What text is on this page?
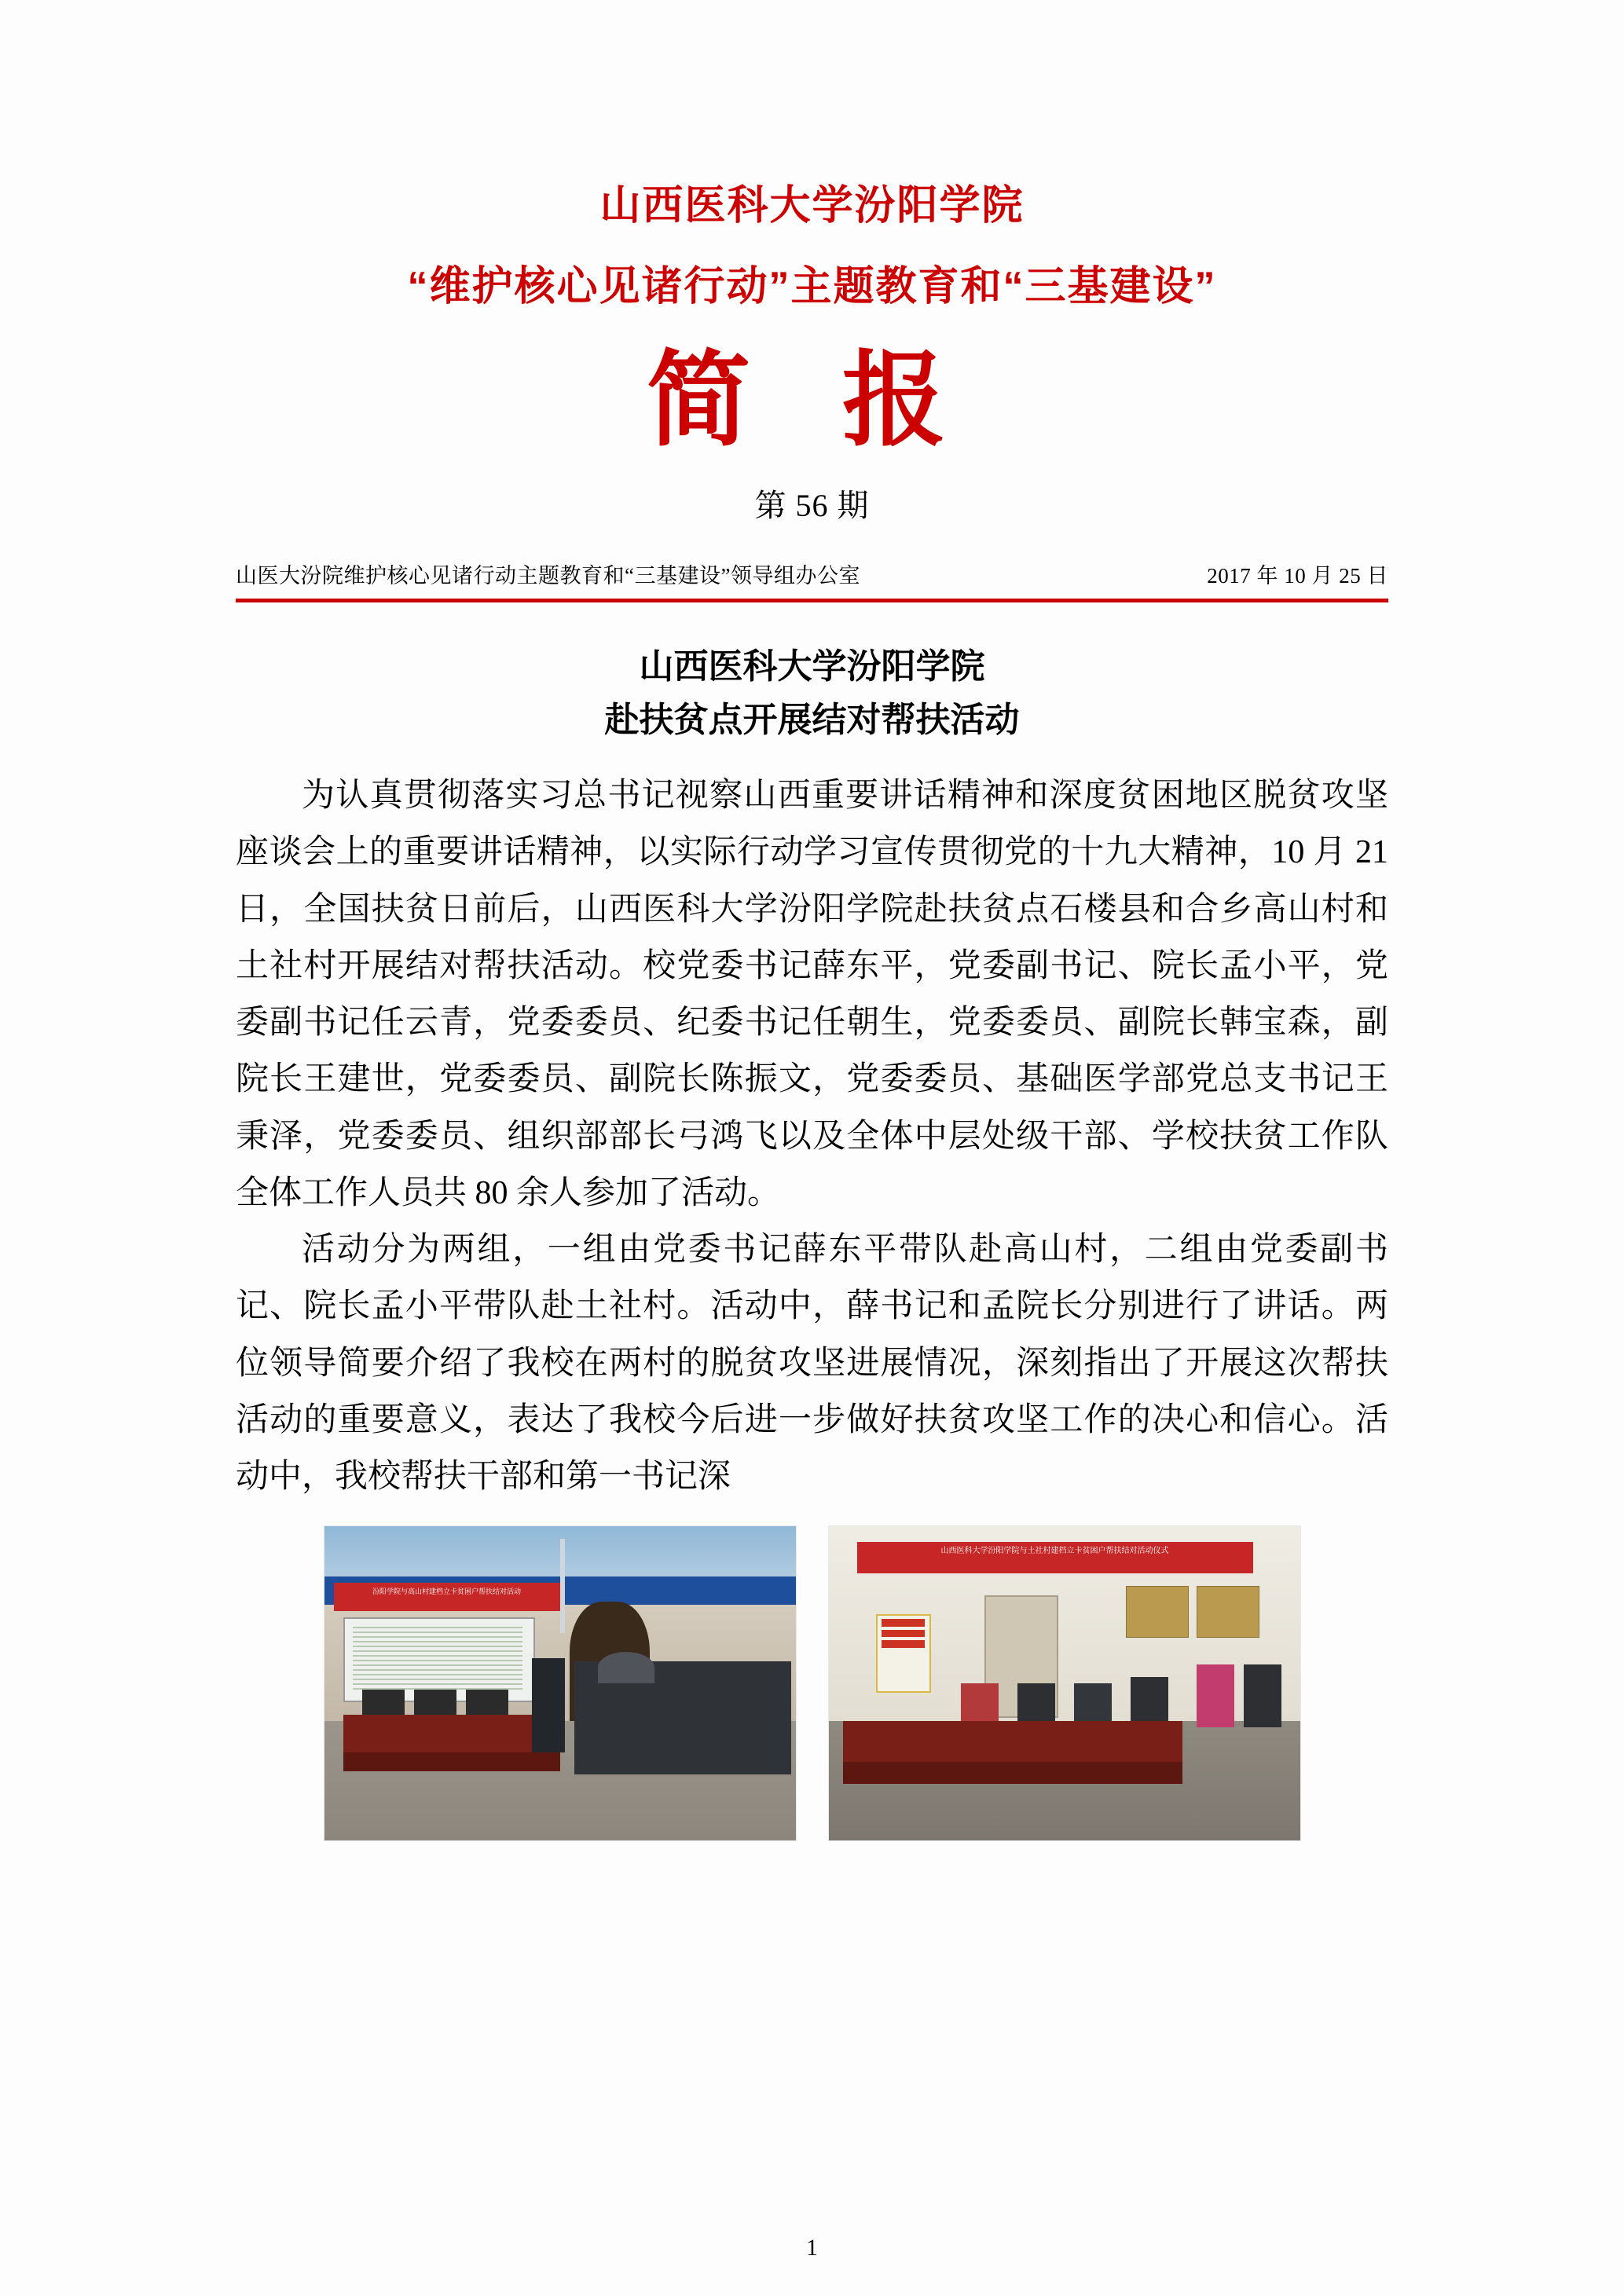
山西医科大学汾阳学院
“维护核心见诸行动”主题教育和“三基建设”
简 报
第 56 期
山医大汾院维护核心见诸行动主题教育和“三基建设”领导组办公室	2017 年 10 月 25 日
山西医科大学汾阳学院
赴扶贫点开展结对帮扶活动

为认真贯彻落实习总书记视察山西重要讲话精神和深度贫困地区脱贫攻坚座谈会上的重要讲话精神，以实际行动学习宣传贯彻党的十九大精神，10 月 21 日，全国扶贫日前后，山西医科大学汾阳学院赴扶贫点石楼县和合乡高山村和土社村开展结对帮扶活动。校党委书记薛东平，党委副书记、院长孟小平，党委副书记任云青，党委委员、纪委书记任朝生，党委委员、副院长韩宝森，副院长王建世，党委委员、副院长陈振文，党委委员、基础医学部党总支书记王秉泽，党委委员、组织部部长弓鸿飞以及全体中层处级干部、学校扶贫工作队全体工作人员共 80 余人参加了活动。

活动分为两组，一组由党委书记薛东平带队赴高山村，二组由党委副书记、院长孟小平带队赴土社村。活动中，薛书记和孟院长分别进行了讲话。两位领导简要介绍了我校在两村的脱贫攻坚进展情况，深刻指出了开展这次帮扶活动的重要意义，表达了我校今后进一步做好扶贫攻坚工作的决心和信心。活动中，我校帮扶干部和第一书记深

汾阳学院与高山村建档立卡贫困户帮扶结对活动
山西医科大学汾阳学院与土社村建档立卡贫困户帮扶结对活动仪式
1
